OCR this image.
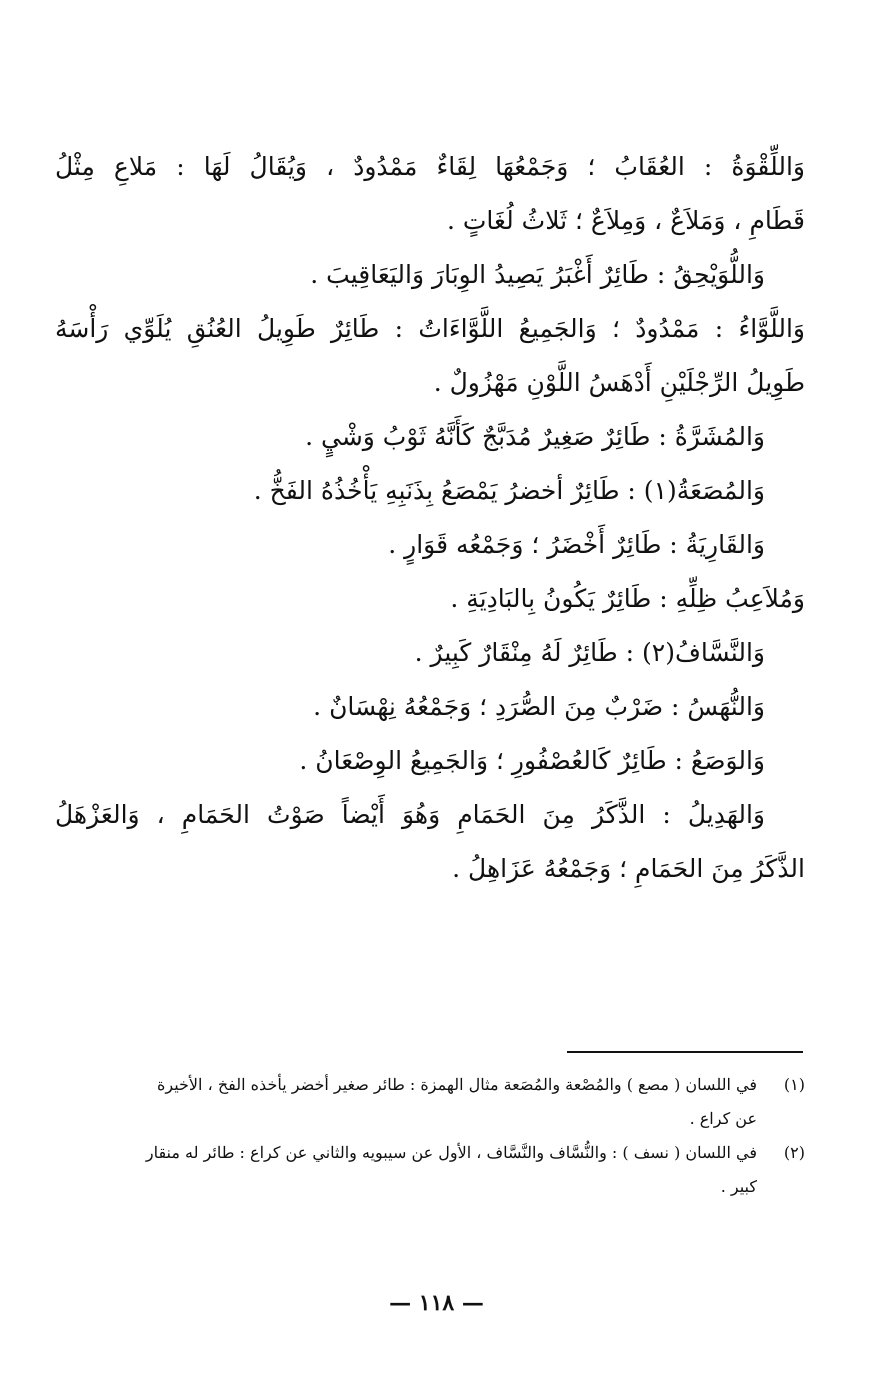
وَاللِّقْوَةُ : العُقَابُ ؛ وَجَمْعُهَا لِقَاءٌ مَمْدُودٌ ، وَيُقَالُ لَهَا : مَلاعِ مِثْلُ
قَطَامِ ، وَمَلاَعٌ ، وَمِلاَعٌ ؛ ثَلاثُ لُغَاتٍ .
وَاللُّوَيْحِقُ : طَائِرٌ أَغْبَرُ يَصِيدُ الوِبَارَ وَاليَعَاقِيبَ .
وَاللَّوَّاءُ : مَمْدُودٌ ؛ وَالجَمِيعُ اللَّوَّاءَاتُ : طَائِرٌ طَوِيلُ العُنُقِ يُلَوِّي رَأْسَهُ
طَوِيلُ الرِّجْلَيْنِ أَدْهَسُ اللَّوْنِ مَهْزُولٌ .
وَالمُشَرَّةُ : طَائِرٌ صَغِيرٌ مُدَبَّجٌ كَأَنَّهُ ثَوْبُ وَشْيٍ .
وَالمُصَعَةُ(١) : طَائِرٌ أخضرُ يَمْصَعُ بِذَنَبِهِ يَأْخُذُهُ الفَخُّ .
وَالقَارِيَةُ : طَائِرٌ أَخْضَرُ ؛ وَجَمْعُه قَوَارٍ .
وَمُلاَعِبُ ظِلِّهِ : طَائِرٌ يَكُونُ بِالبَادِيَةِ .
وَالنَّسَّافُ(٢) : طَائِرٌ لَهُ مِنْقَارٌ كَبِيرٌ .
وَالنُّهَسُ : ضَرْبٌ مِنَ الصُّرَدِ ؛ وَجَمْعُهُ نِهْسَانٌ .
وَالوَصَعُ : طَائِرٌ كَالعُصْفُورِ ؛ وَالجَمِيعُ الوِصْعَانُ .
وَالهَدِيلُ : الذَّكَرُ مِنَ الحَمَامِ وَهُوَ أَيْضاً صَوْتُ الحَمَامِ ، وَالعَزْهَلُ
الذَّكَرُ مِنَ الحَمَامِ ؛ وَجَمْعُهُ عَزَاهِلُ .
(١)
في اللسان ( مصع ) والمُصْعة والمُصَعة مثال الهمزة : طائر صغير أخضر يأخذه الفخ ، الأخيرة
عن كراع .
(٢)
في اللسان ( نسف ) : والنُّسَّاف والنَّسَّاف ، الأول عن سيبويه والثاني عن كراع : طائر له منقار
كبير .
— ١١٨ —
